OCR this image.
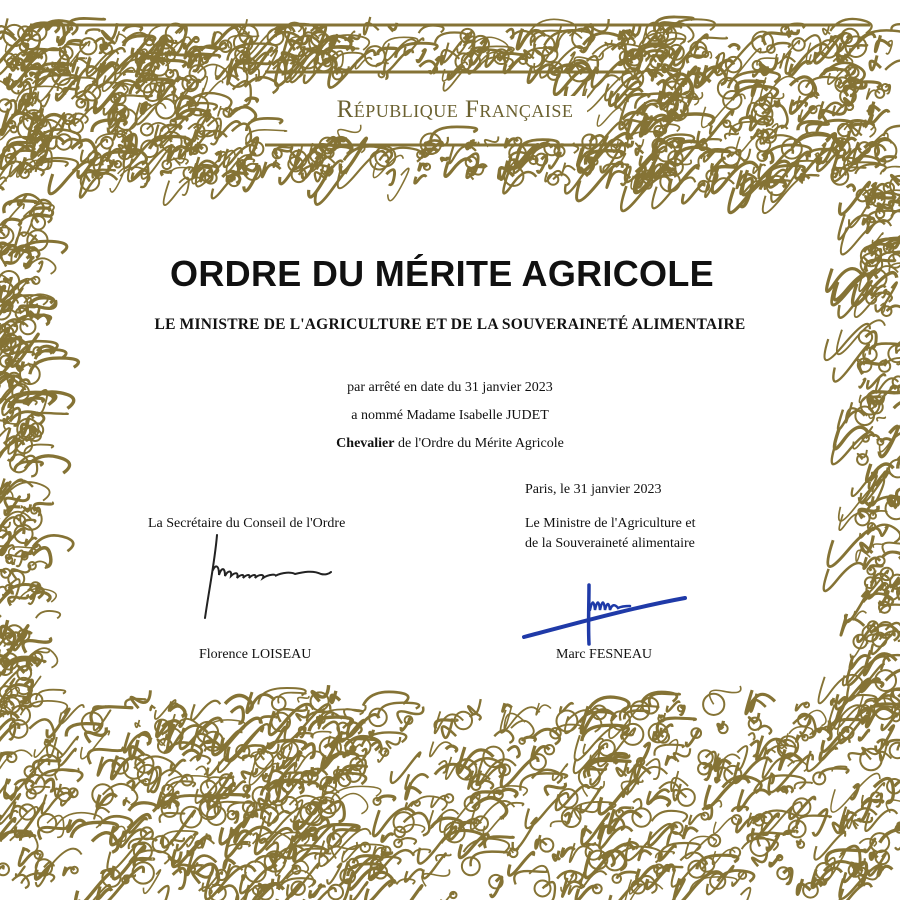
République Française
ORDRE DU MÉRITE AGRICOLE
LE MINISTRE DE L'AGRICULTURE ET DE LA SOUVERAINETÉ ALIMENTAIRE
par arrêté en date du 31 janvier 2023
a nommé Madame Isabelle JUDET
Chevalier de l'Ordre du Mérite Agricole
Paris, le 31 janvier 2023
La Secrétaire du Conseil de l'Ordre	Le Ministre de l'Agriculture et
de la Souveraineté alimentaire
Florence LOISEAU	Marc FESNEAU
